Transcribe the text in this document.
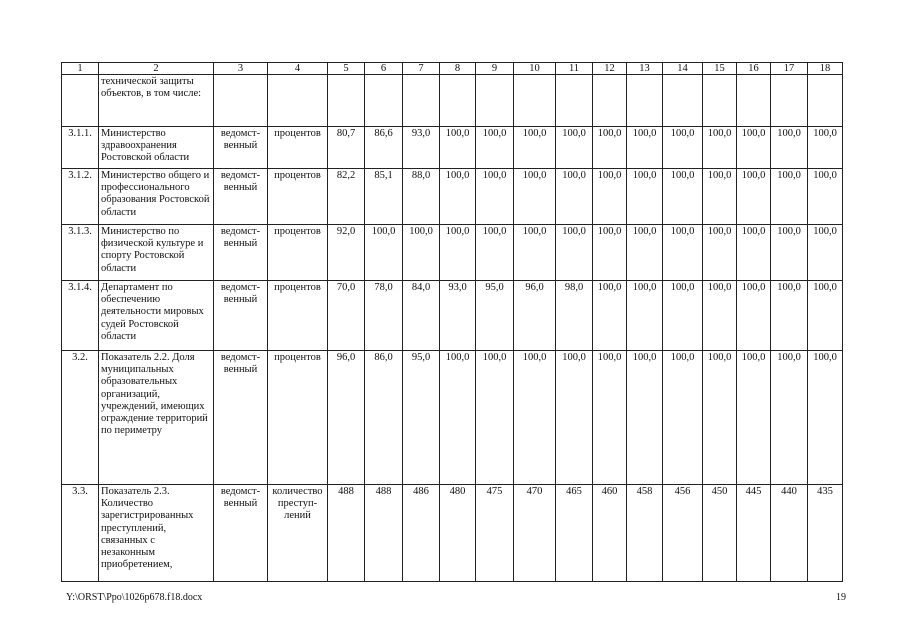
1	2	3	4	5	6	7	8	9	10	11	12	13	14	15	16	17	18
	технической защиты объектов, в том числе:																
3.1.1.	Министерство здравоохранения Ростовской области	ведомст-венный	процентов	80,7	86,6	93,0	100,0	100,0	100,0	100,0	100,0	100,0	100,0	100,0	100,0	100,0	100,0
3.1.2.	Министерство общего и профессионального образования Ростовской области	ведомст-венный	процентов	82,2	85,1	88,0	100,0	100,0	100,0	100,0	100,0	100,0	100,0	100,0	100,0	100,0	100,0
3.1.3.	Министерство по физической культуре и спорту Ростовской области	ведомст-венный	процентов	92,0	100,0	100,0	100,0	100,0	100,0	100,0	100,0	100,0	100,0	100,0	100,0	100,0	100,0
3.1.4.	Департамент по обеспечению деятельности мировых судей Ростовской области	ведомст-венный	процентов	70,0	78,0	84,0	93,0	95,0	96,0	98,0	100,0	100,0	100,0	100,0	100,0	100,0	100,0
3.2.	Показатель 2.2. Доля муниципальных образовательных организаций, учреждений, имеющих ограждение территорий по периметру	ведомст-венный	процентов	96,0	86,0	95,0	100,0	100,0	100,0	100,0	100,0	100,0	100,0	100,0	100,0	100,0	100,0
3.3.	Показатель 2.3. Количество зарегистрированных преступлений, связанных с незаконным приобретением,	ведомст-венный	количество преступ-лений	488	488	486	480	475	470	465	460	458	456	450	445	440	435
Y:\ORST\Ppo\1026p678.f18.docx	19
